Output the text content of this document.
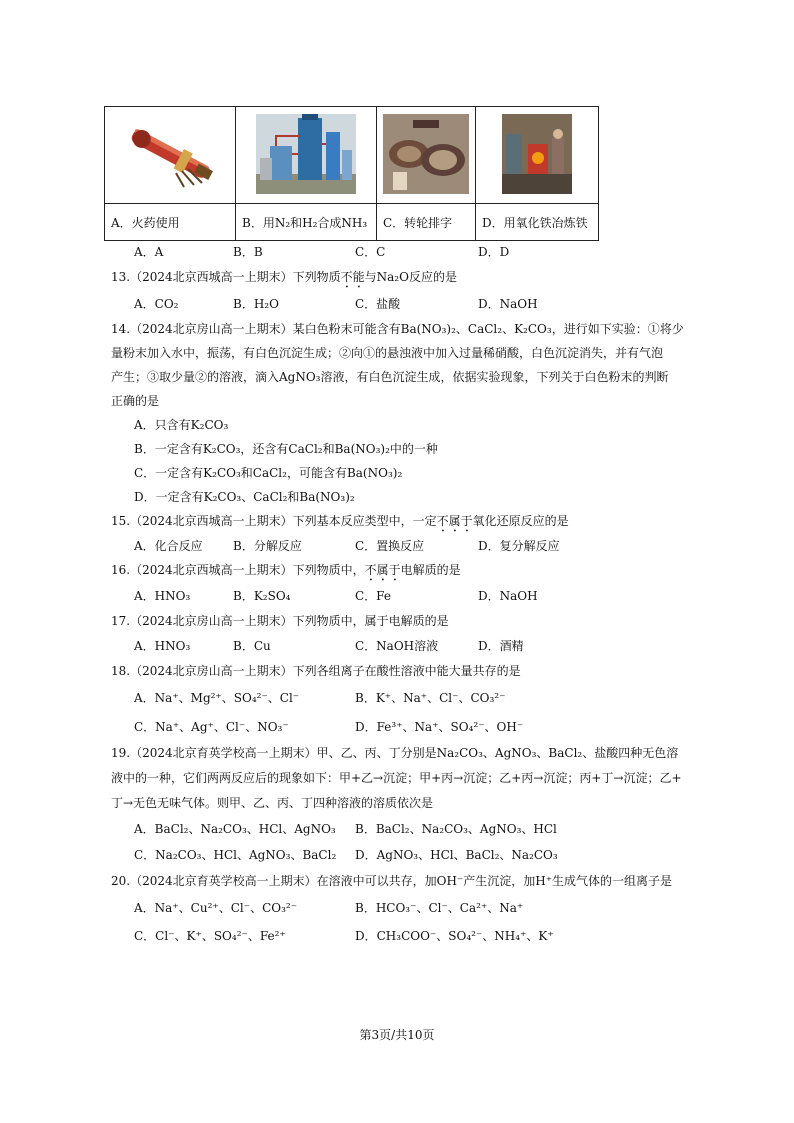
A．火药使用	B．用N₂和H₂合成NH₃	C．转轮排字	D．用氧化铁冶炼铁
A．A	B．B	C．C	D．D
13.（2024北京西城高一上期末）下列物质不能与Na₂O反应的是
A．CO₂	B．H₂O	C．盐酸	D．NaOH
14.（2024北京房山高一上期末）某白色粉末可能含有Ba(NO₃)₂、CaCl₂、K₂CO₃，进行如下实验：①将少
量粉末加入水中，振荡，有白色沉淀生成；②向①的悬浊液中加入过量稀硝酸，白色沉淀消失，并有气泡
产生；③取少量②的溶液，滴入AgNO₃溶液，有白色沉淀生成，依据实验现象，下列关于白色粉末的判断
正确的是
A．只含有K₂CO₃
B．一定含有K₂CO₃，还含有CaCl₂和Ba(NO₃)₂中的一种
C．一定含有K₂CO₃和CaCl₂，可能含有Ba(NO₃)₂
D．一定含有K₂CO₃、CaCl₂和Ba(NO₃)₂
15.（2024北京西城高一上期末）下列基本反应类型中，一定不属于氧化还原反应的是
A．化合反应	B．分解反应	C．置换反应	D．复分解反应
16.（2024北京西城高一上期末）下列物质中，不属于电解质的是
A．HNO₃	B．K₂SO₄	C．Fe	D．NaOH
17.（2024北京房山高一上期末）下列物质中，属于电解质的是
A．HNO₃	B．Cu	C．NaOH溶液	D．酒精
18.（2024北京房山高一上期末）下列各组离子在酸性溶液中能大量共存的是
A．Na⁺、Mg²⁺、SO₄²⁻、Cl⁻	B．K⁺、Na⁺、Cl⁻、CO₃²⁻
C．Na⁺、Ag⁺、Cl⁻、NO₃⁻	D．Fe³⁺、Na⁺、SO₄²⁻、OH⁻
19.（2024北京育英学校高一上期末）甲、乙、丙、丁分别是Na₂CO₃、AgNO₃、BaCl₂、盐酸四种无色溶
液中的一种，它们两两反应后的现象如下：甲+乙→沉淀；甲+丙→沉淀；乙+丙→沉淀；丙+丁→沉淀；乙+
丁→无色无味气体。则甲、乙、丙、丁四种溶液的溶质依次是
A．BaCl₂、Na₂CO₃、HCl、AgNO₃ B．BaCl₂、Na₂CO₃、AgNO₃、HCl
C．Na₂CO₃、HCl、AgNO₃、BaCl₂ D．AgNO₃、HCl、BaCl₂、Na₂CO₃
20.（2024北京育英学校高一上期末）在溶液中可以共存，加OH⁻产生沉淀，加H⁺生成气体的一组离子是
A．Na⁺、Cu²⁺、Cl⁻、CO₃²⁻	B．HCO₃⁻、Cl⁻、Ca²⁺、Na⁺
C．Cl⁻、K⁺、SO₄²⁻、Fe²⁺	D．CH₃COO⁻、SO₄²⁻、NH₄⁺、K⁺
第3页/共10页
